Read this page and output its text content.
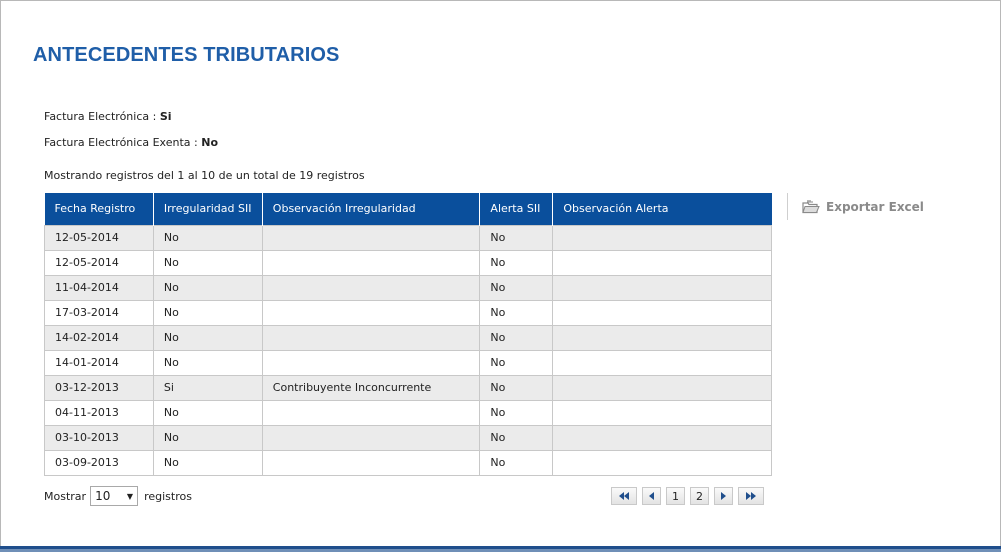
ANTECEDENTES TRIBUTARIOS
Factura Electrónica : Si
Factura Electrónica Exenta : No
Mostrando registros del 1 al 10 de un total de 19 registros
Fecha Registro	Irregularidad SII	Observación Irregularidad	Alerta SII	Observación Alerta
12-05-2014	No		No	
12-05-2014	No		No	
11-04-2014	No		No	
17-03-2014	No		No	
14-02-2014	No		No	
14-01-2014	No		No	
03-12-2013	Si	Contribuyente Inconcurrente	No	
04-11-2013	No		No	
03-10-2013	No		No	
03-09-2013	No		No	
Exportar Excel
Mostrar 10 ▼ registros	1	2
